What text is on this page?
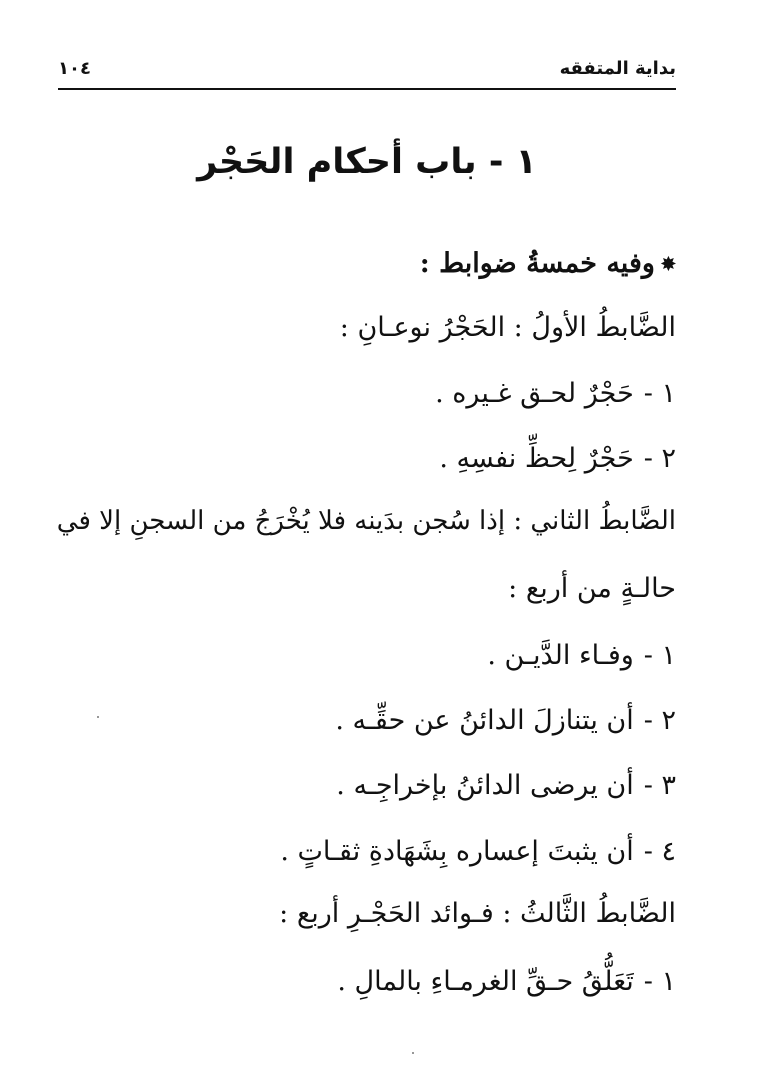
بداية المتفقه
١٠٤
١ - باب أحكام الحَجْر
✸وفيه خمسةُ ضوابط :
الضَّابطُ الأولُ : الحَجْرُ نوعـانِ :
١ -حَجْرٌ لحـق غـيره .
٢ -حَجْرٌ لِحظِّ نفسِهِ .
الضَّابطُ الثاني : إذا سُجن بدَينه فلا يُخْرَجُ من السجنِ إلا في
حالـةٍ من أربع :
١ -وفـاء الدَّيـن .
٢ -أن يتنازلَ الدائنُ عن حقِّـه .
٣ -أن يرضى الدائنُ بإخراجِـه .
٤ -أن يثبتَ إعساره بِشَهَادةِ ثقـاتٍ .
الضَّابطُ الثَّالثُ : فـوائد الحَجْـرِ أربع :
١ -تَعَلُّقُ حـقِّ الغرمـاءِ بالمالِ .
